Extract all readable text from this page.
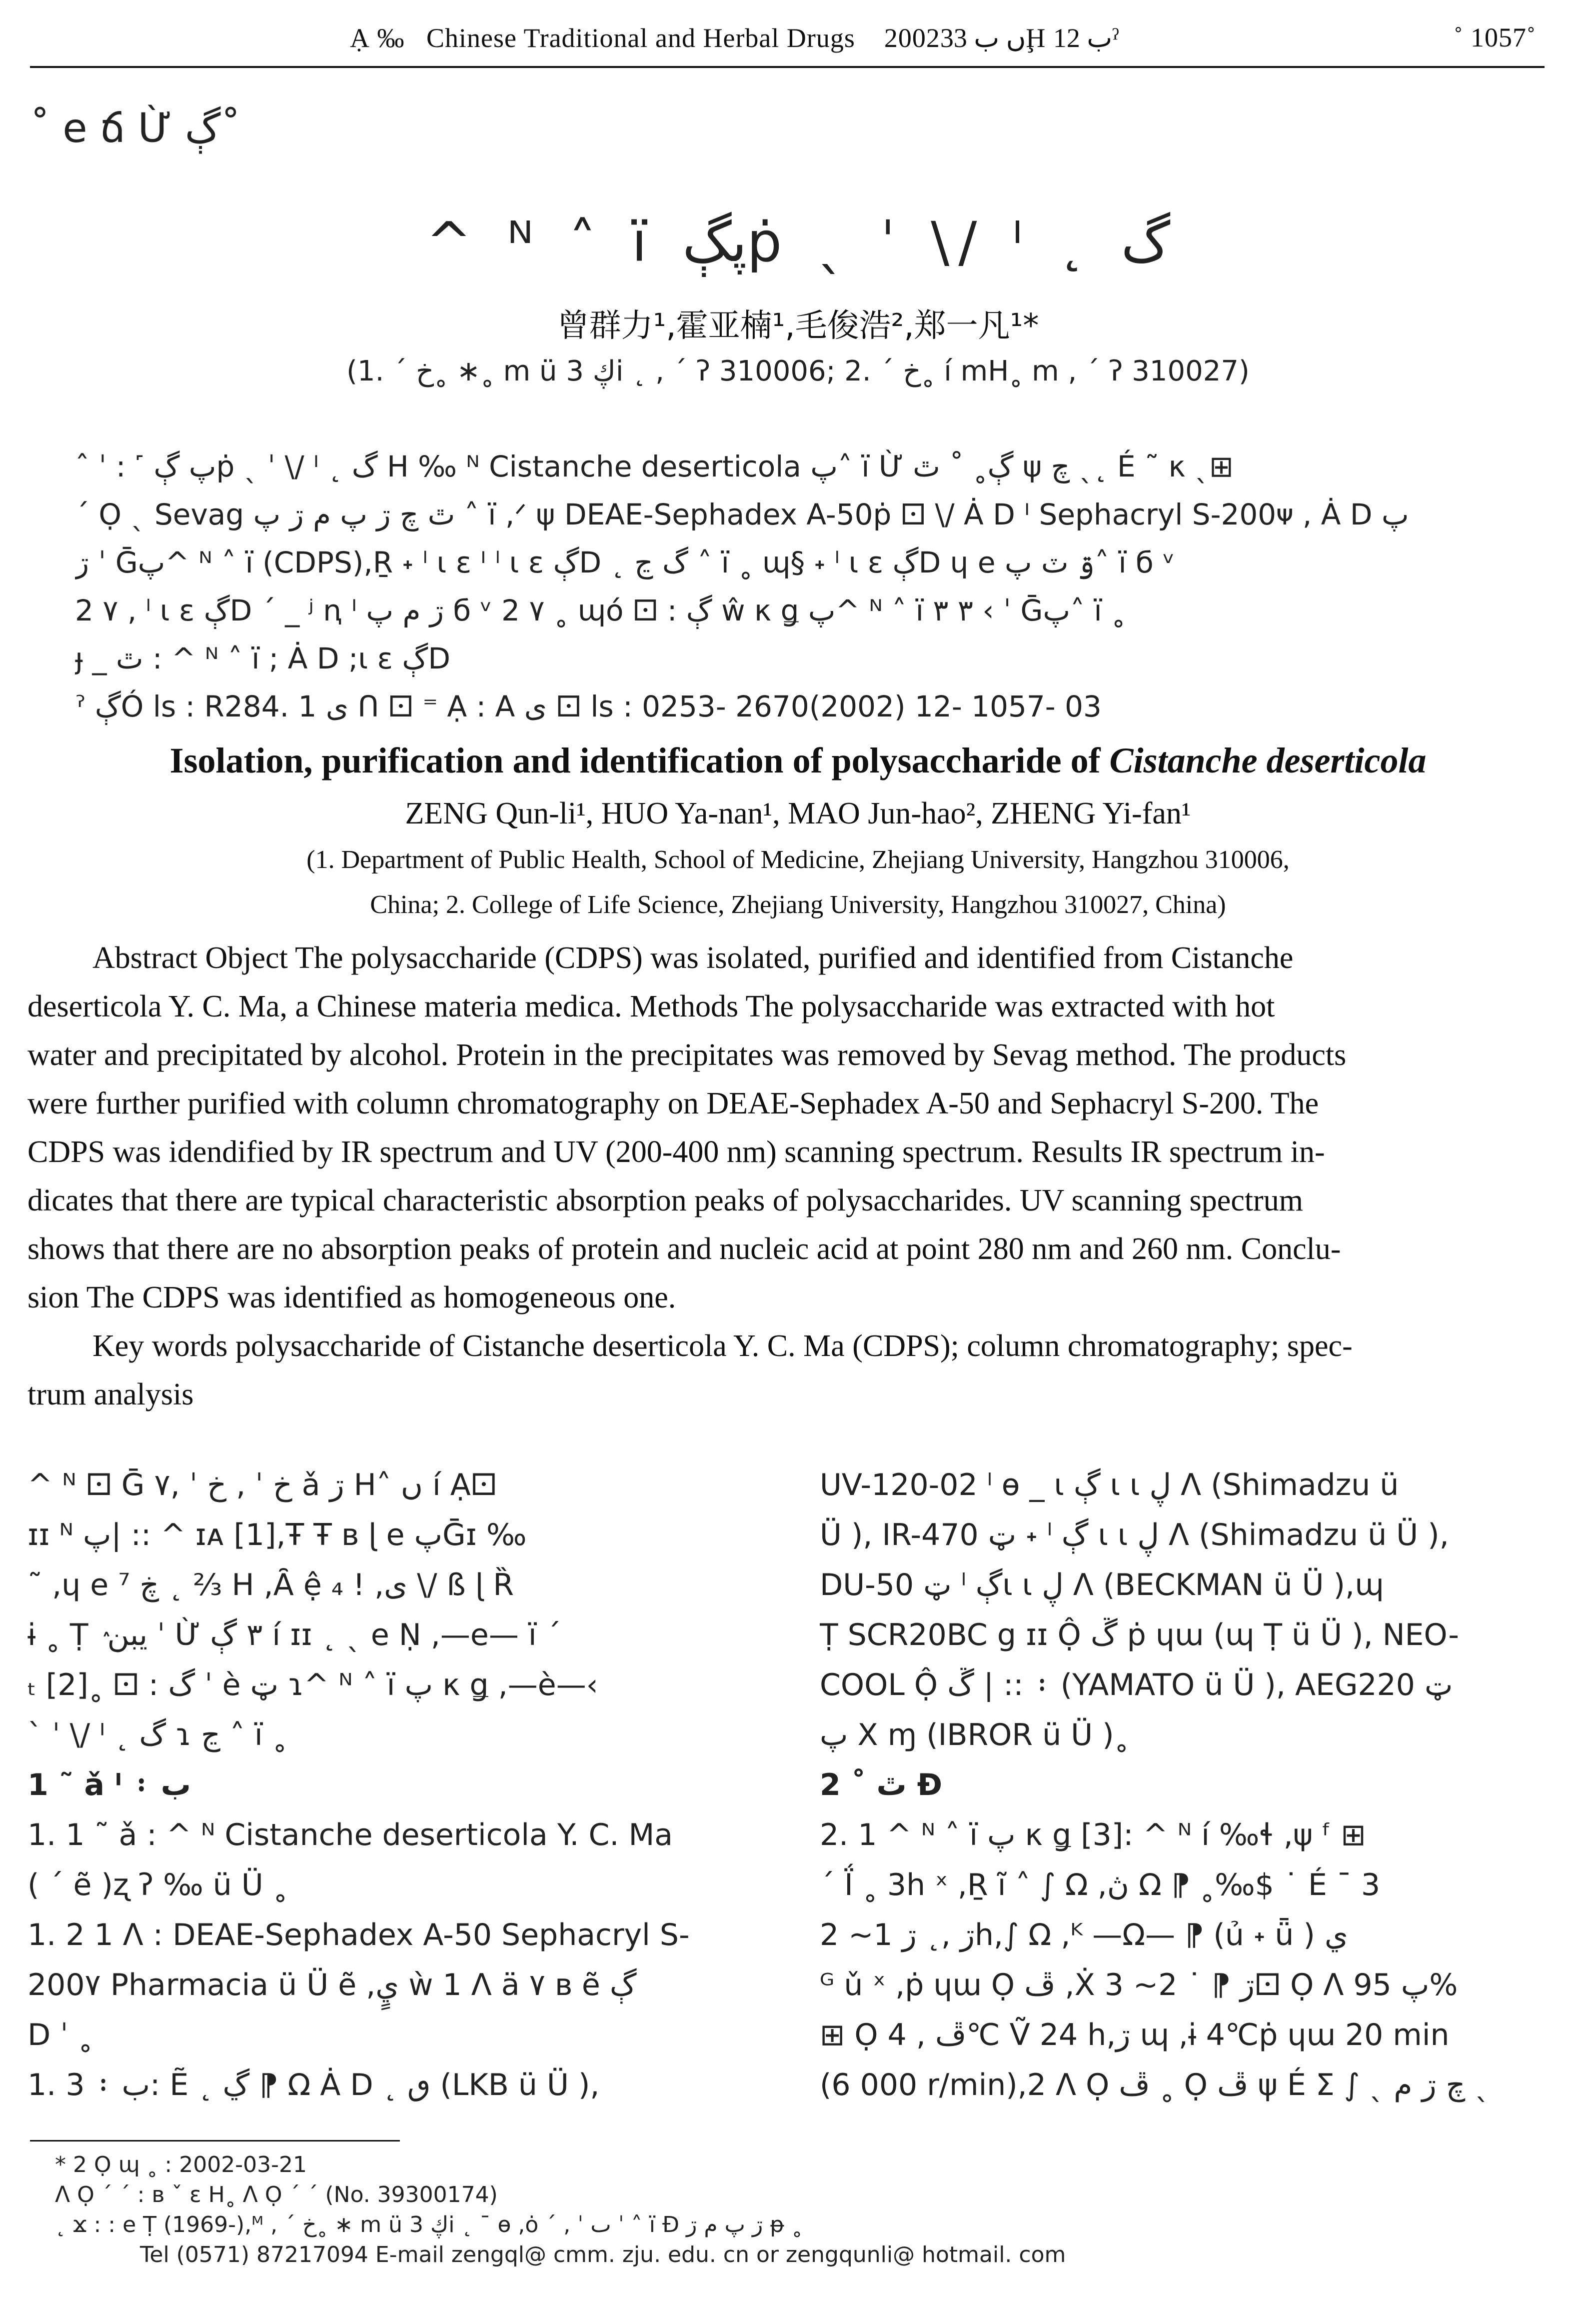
Ạ ‰ Chinese Traditional and Herbal Drugs 2002ں ب 33Ḩ ب 12ˀ	˚ 1057˚
˚ e ճ Ừ ڳ˚
^ ᴺ ˄ ï پڳṗ ˎ ˈ \/ ᴵ ˛ گ
曾群力¹,霍亚楠¹,毛俊浩²,郑一凡¹*
(1. ˊ خ˳ ∗˳ m ü 3 ڮi ˛ , ˊ ʔ 310006; 2. ˊ خ˳ í mH˳ m , ˊ ʔ 310027)
ˆ ˈ : ˹ پ ڳṗ ˎ ˈ \/ ᴵ ˛ گ H ‰ ᴺ Cistanche deserticola پ˄ ï Ừ ڳ˳ ˚ ٿ ψ چ ˎ˛ É ˜ κ ˎ⊞
ˊ Ọ ˎ Sevag ٿ چ ڗ پ م ڗ پ ˄ ï ,ᐟ ψ DEAE-Sephadex A-50ṗ ⚀ \/ Ȧ D ᴵ Sephacryl S-200ᴪ , Ȧ D پ
ڗ ˈ Ḡپ^ ᴺ ˄ ï (CDPS),Ṟ ˖ ˡ ɩ ɛ ᴵ ˡ ɩ ɛ ڳD ˛ گ ڃ ˄ ï ˳ ɰ§ ˖ ˡ ɩ ɛ ڳD ɥ e ۊ ٽ پ˄ ï б ᵛ
2 ٧ , ˡ ɩ ɛ ڳD ˊ _ ʲ ꞑ ᴵ ڗ م پ б ᵛ 2 ٧ ˳ ɰó ⚀ : ڳ ŵ κ ǥ پ^ ᴺ ˄ ï ٣ ٣ ‹ ˈ Ḡپ˄ ï ˳
ɟ _ ٿ : ^ ᴺ ˄ ï ; Ȧ D ;ɩ ɛ ڳD
ˀ ڳÓ ls : R284. 1 ی ᑎ ⚀ ⁼ Ạ : A ی ⚀ ls : 0253- 2670(2002) 12- 1057- 03
Isolation, purification and identification of polysaccharide of Cistanche deserticola
ZENG Qun-li¹, HUO Ya-nan¹, MAO Jun-hao², ZHENG Yi-fan¹
(1. Department of Public Health, School of Medicine, Zhejiang University, Hangzhou 310006,
China; 2. College of Life Science, Zhejiang University, Hangzhou 310027, China)
Abstract Object The polysaccharide (CDPS) was isolated, purified and identified from Cistanche
deserticola Y. C. Ma, a Chinese materia medica. Methods The polysaccharide was extracted with hot
water and precipitated by alcohol. Protein in the precipitates was removed by Sevag method. The products
were further purified with column chromatography on DEAE-Sephadex A-50 and Sephacryl S-200. The
CDPS was idendified by IR spectrum and UV (200-400 nm) scanning spectrum. Results IR spectrum in-
dicates that there are typical characteristic absorption peaks of polysaccharides. UV scanning spectrum
shows that there are no absorption peaks of protein and nucleic acid at point 280 nm and 260 nm. Conclu-
sion The CDPS was identified as homogeneous one.
Key words polysaccharide of Cistanche deserticola Y. C. Ma (CDPS); column chromatography; spec-
trum analysis
^ ᴺ ⚀ Ḡ خ ˈ , خ ˈ ,٧ ǎ ڗ H˄ ں í Ạ⚀
ɪɪ ᴺ پ| :: ^ ɪᴀ [1],Ŧ Ŧ ʙ ɭ e پḠɪ ‰
˜ ,ɥ e ⁷ ڿ ˛ ⅔ H ,Ȃ ệ ₄ ! ,ی \/ ß ɭ Ȑ
ɨ ˳ Ṭ ٛ يبن ˈ Ừ ٣ ڳ í ɪɪ ˛ ˎ e Ṇ ,—e— ï ˊ
ₜ [2]˳ ⚀ : گ ˈ è ټ ɿ^ ᴺ ˄ ï پ κ ǥ ,—è—‹
ˋ ˈ \/ ᴵ ˛ گ ɿ ڃ ˄ ï ˳
1 ˜ ǎ ᴵ ᛬ ب
1. 1 ˜ ǎ : ^ ᴺ Cistanche deserticola Y. C. Ma
( ˊ ẽ )ʐ ʔ ‰ ü Ü ˳
1. 2 1 ᐱ : DEAE-Sephadex A-50 Sephacryl S-
200٧ Pharmacia ü Ü ẽ ,يٍ ẁ 1 ᐱ ä ٧ ʙ ẽ ڳ
D ˈ ˳
1. 3 ᛬ ب: Ẽ ˛ ڲ ⁋ Ω Ȧ D ˛ ٯ (LKB ü Ü ),
UV-120-02 ˡ ɵ _ ɩ ڳ ɩ ɩ ڸ ᐱ (Shimadzu ü
Ü ), IR-470 ټ ˖ ˡ ڳ ɩ ɩ ڸ ᐱ (Shimadzu ü Ü ),
DU-50 ټ ˡ ڳɩ ɩ ڸ ᐱ (BECKMAN ü Ü ),ɰ
Ṭ SCR20BC g ɪɪ Ộ ڱ ṗ ɥɯ (ɰ Ṭ ü Ü ), NEO-
COOL Ộ ڱ | :: ᛬ (YAMATO ü Ü ), AEG220 ټ
پ X ɱ (IBROR ü Ü )˳
2 ˚ ٿ Ɖ
2. 1 ^ ᴺ ˄ ï پ κ ǥ [3]: ^ ᴺ í ‰ɬ ,ψ ᶠ ⊞
ˊ Ḯ ˳ 3h ˣ ,Ṟ ĩ ˄ ∫ Ω ,ڽ Ω ⁋ ˳‰$ ˙ É ˉ 3
ڗ ,˛ ڗ 1~ 2h,∫ Ω ,ᴷ —Ω— ⁋ (ủ ˖ ǖ ) ي
ᴳ ǔ ˣ ,ṗ ɥɯ Ọ ڦ ,Ẋ ڗ ⁋ ˙ 2~ 3⚀ Ọ ᐱ پ 95%
⊞ Ọ ڦ , 4℃ Ṽ 24 h,ڗ ɰ ,ɨ 4℃ṗ ɥɯ 20 min
(6 000 r/min),2 ᐱ Ọ ڦ ˳ Ọ ڦ ψ É Σ ∫ ˎ چ ڗ م ˎ
* 2 Ọ ɰ ˳ : 2002-03-21
ᐱ Ọ ˊ ˊ : ʙ ˇ ε H˳ ᐱ Ọ ˊ ˊ (No. 39300174)
˛ ϫ : : e Ṭ (1969-),ᴹ , ˊ خ˳ ∗ m ü 3 ڮi ˛ ˉ ɵ ,ȯ ˊ , ˈ ٮ ˈ ˄ ï Ɖ ڗ پ م ڗ ᵽ ˳
Tel (0571) 87217094 E-mail zengql@ cmm. zju. edu. cn or zengqunli@ hotmail. com
